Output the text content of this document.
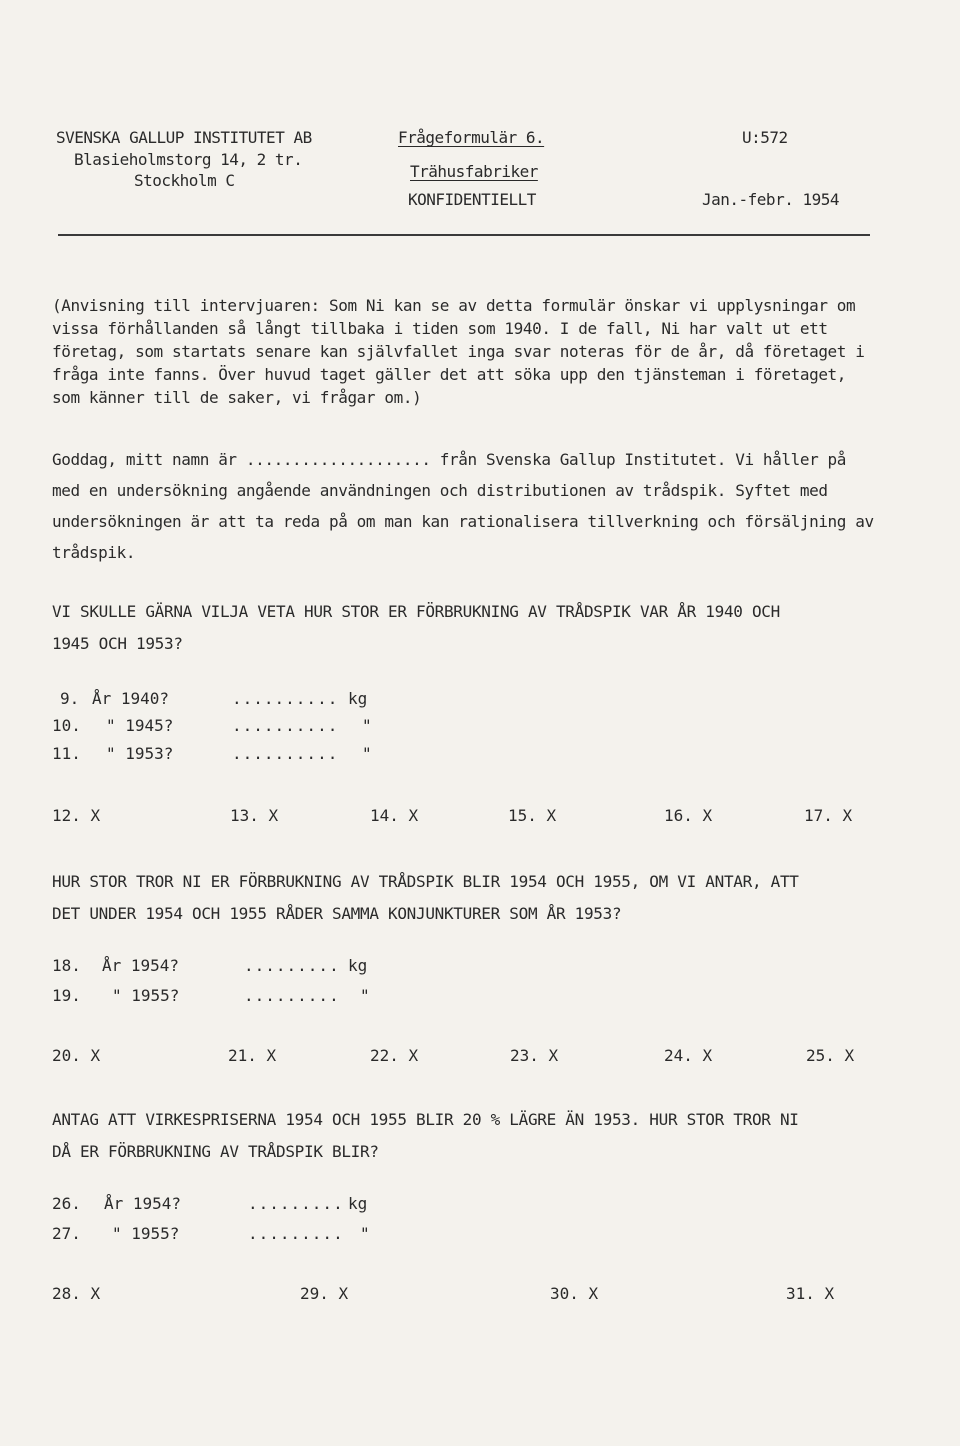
SVENSKA GALLUP INSTITUTET AB
Blasieholmstorg 14, 2 tr.
Stockholm C
Frågeformulär 6.
Trähusfabriker
KONFIDENTIELLT
U:572
Jan.-febr. 1954
(Anvisning till intervjuaren: Som Ni kan se av detta formulär önskar vi upplysningar om vissa förhållanden så långt tillbaka i tiden som 1940. I de fall, Ni har valt ut ett företag, som startats senare kan självfallet inga svar noteras för de år, då företaget i fråga inte fanns. Över huvud taget gäller det att söka upp den tjänsteman i företaget, som känner till de saker, vi frågar om.)
Goddag, mitt namn är .................... från Svenska Gallup Institutet. Vi håller på med en undersökning angående användningen och distributionen av trådspik. Syftet med undersökningen är att ta reda på om man kan rationalisera tillverkning och försäljning av trådspik.
VI SKULLE GÄRNA VILJA VETA HUR STOR ER FÖRBRUKNING AV TRÅDSPIK VAR ÅR 1940 OCH
1945 OCH 1953?
9. År 1940?	.......... kg
10.	" 1945?	.......... "
11.	" 1953?	.......... "
12. X	13. X	14. X	15. X	16. X	17. X
HUR STOR TROR NI ER FÖRBRUKNING AV TRÅDSPIK BLIR 1954 OCH 1955, OM VI ANTAR, ATT
DET UNDER 1954 OCH 1955 RÅDER SAMMA KONJUNKTURER SOM ÅR 1953?
18.	År 1954?	......... kg
19.	" 1955?	......... "
20. X	21. X	22. X	23. X	24. X	25. X
ANTAG ATT VIRKESPRISERNA 1954 OCH 1955 BLIR 20 % LÄGRE ÄN 1953. HUR STOR TROR NI
DÅ ER FÖRBRUKNING AV TRÅDSPIK BLIR?
26.	År 1954?	......... kg
27.	" 1955?	......... "
28. X	29. X	30. X	31. X
